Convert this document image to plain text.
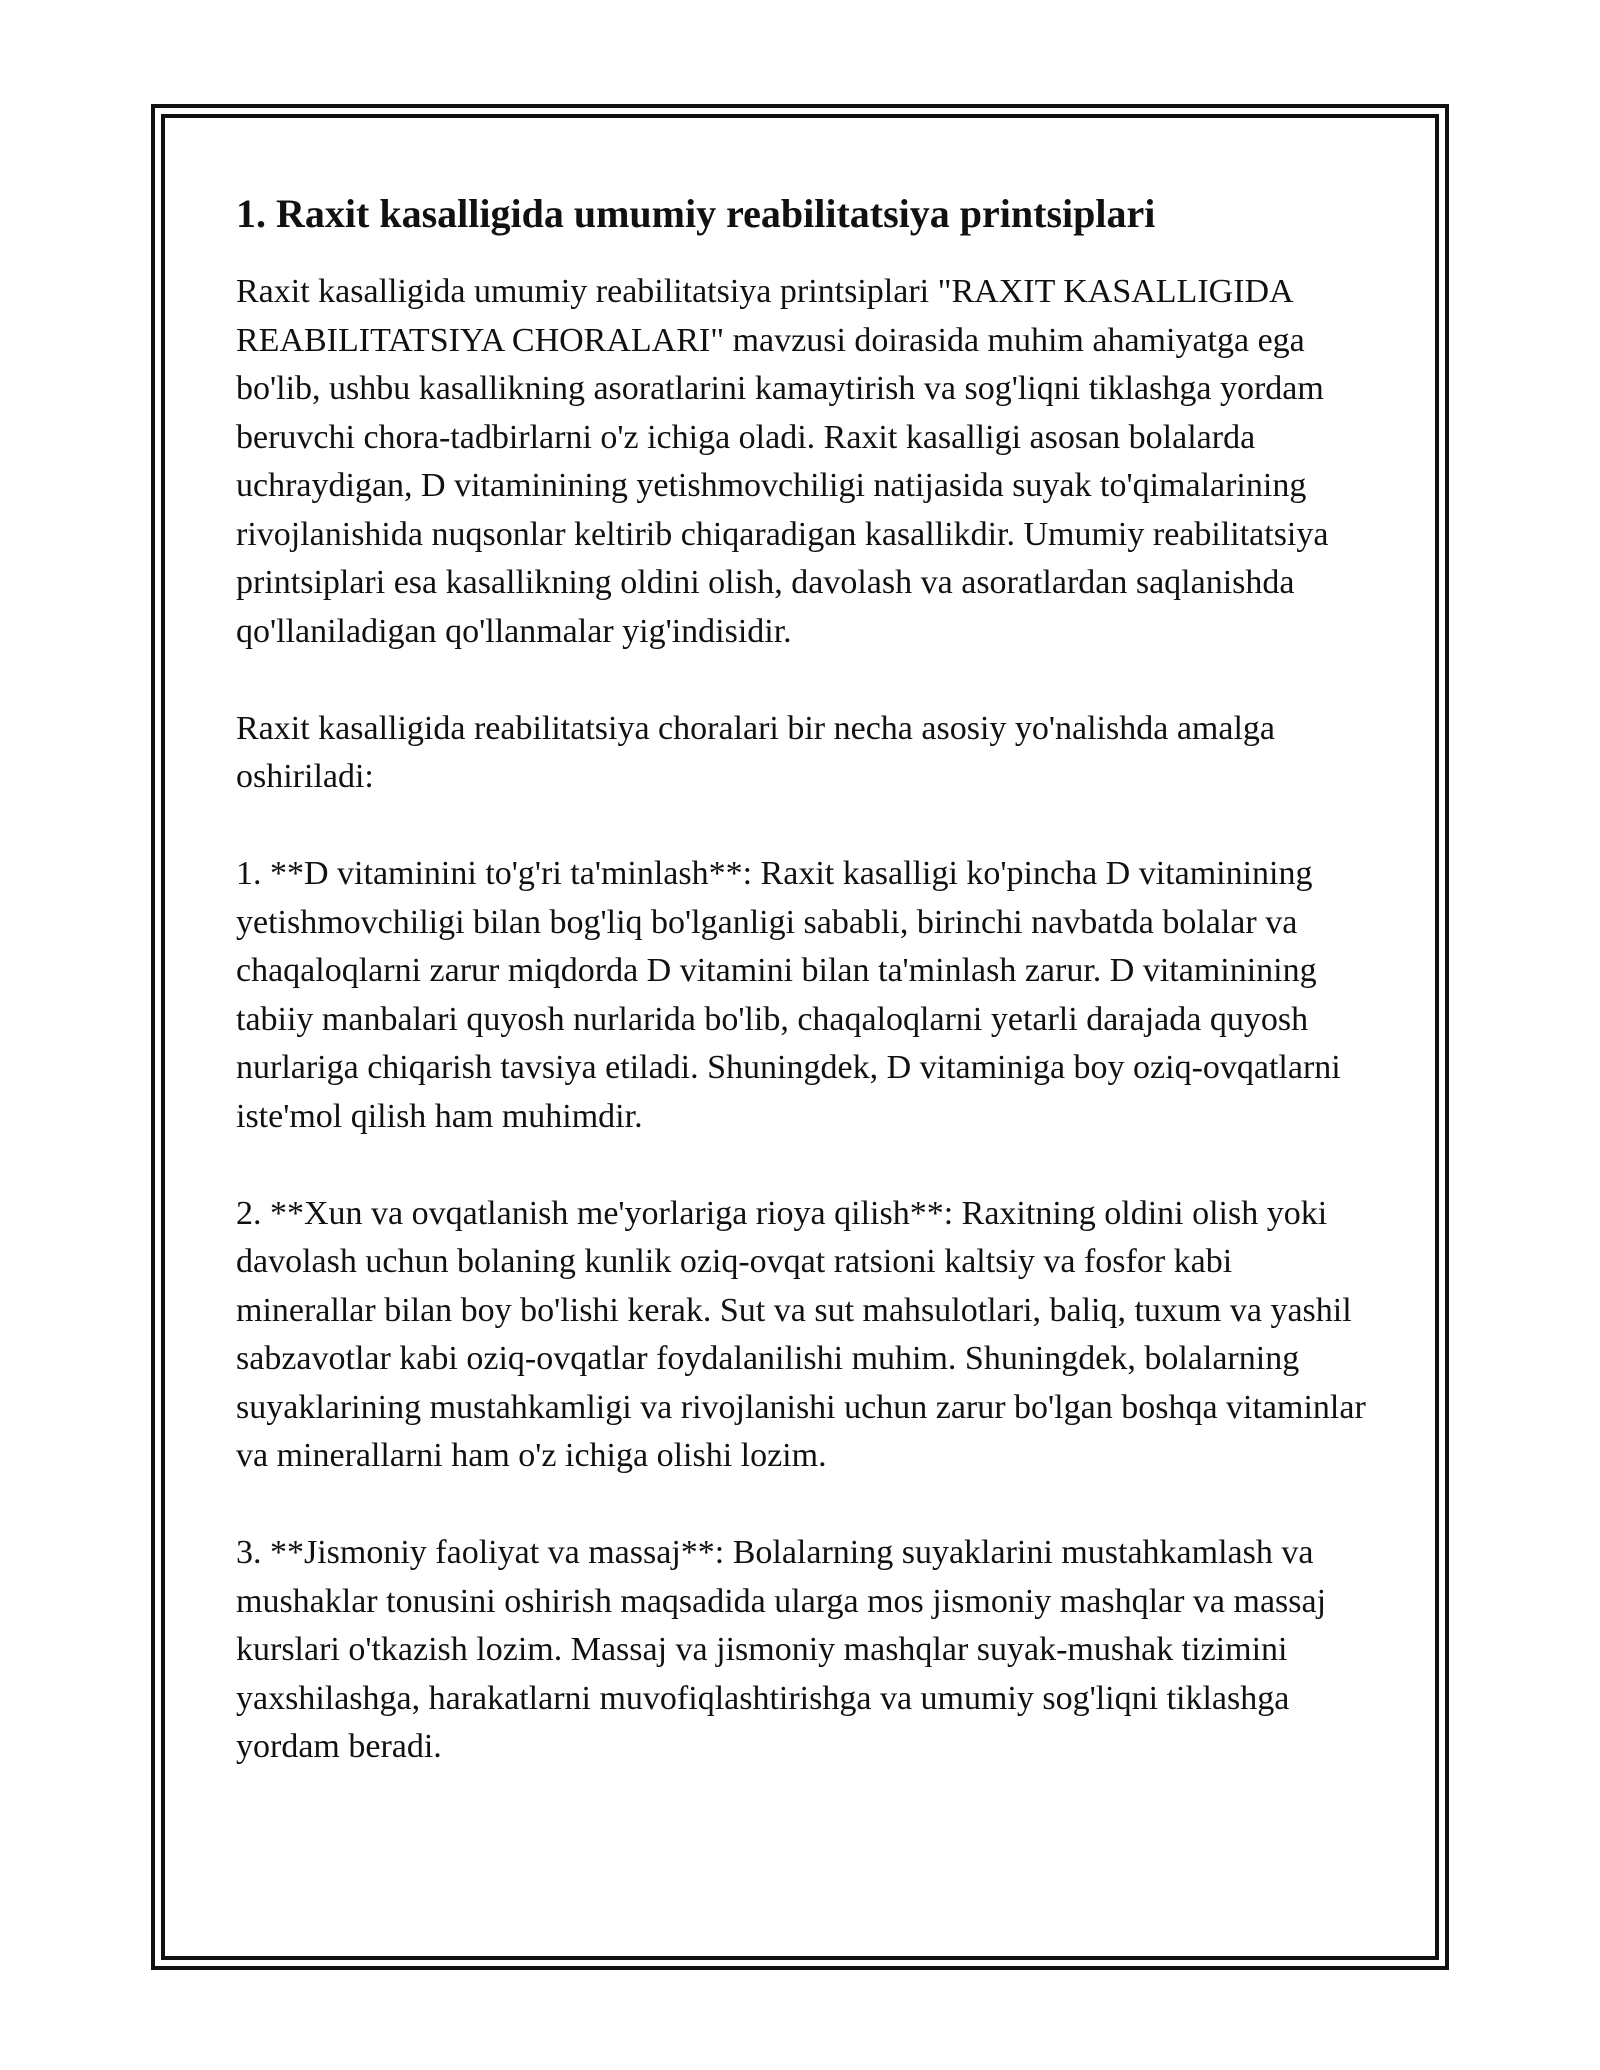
1. Raxit kasalligida umumiy reabilitatsiya printsiplari

Raxit kasalligida umumiy reabilitatsiya printsiplari "RAXIT KASALLIGIDA REABILITATSIYA CHORALARI" mavzusi doirasida muhim ahamiyatga ega bo'lib, ushbu kasallikning asoratlarini kamaytirish va sog'liqni tiklashga yordam beruvchi chora-tadbirlarni o'z ichiga oladi. Raxit kasalligi asosan bolalarda uchraydigan, D vitaminining yetishmovchiligi natijasida suyak to'qimalarining rivojlanishida nuqsonlar keltirib chiqaradigan kasallikdir. Umumiy reabilitatsiya printsiplari esa kasallikning oldini olish, davolash va asoratlardan saqlanishda qo'llaniladigan qo'llanmalar yig'indisidir.

Raxit kasalligida reabilitatsiya choralari bir necha asosiy yo'nalishda amalga oshiriladi:

1. **D vitaminini to'g'ri ta'minlash**: Raxit kasalligi ko'pincha D vitaminining yetishmovchiligi bilan bog'liq bo'lganligi sababli, birinchi navbatda bolalar va chaqaloqlarni zarur miqdorda D vitamini bilan ta'minlash zarur. D vitaminining tabiiy manbalari quyosh nurlarida bo'lib, chaqaloqlarni yetarli darajada quyosh nurlariga chiqarish tavsiya etiladi. Shuningdek, D vitaminiga boy oziq-ovqatlarni iste'mol qilish ham muhimdir.

2. **Xun va ovqatlanish me'yorlariga rioya qilish**: Raxitning oldini olish yoki davolash uchun bolaning kunlik oziq-ovqat ratsioni kaltsiy va fosfor kabi minerallar bilan boy bo'lishi kerak. Sut va sut mahsulotlari, baliq, tuxum va yashil sabzavotlar kabi oziq-ovqatlar foydalanilishi muhim. Shuningdek, bolalarning suyaklarining mustahkamligi va rivojlanishi uchun zarur bo'lgan boshqa vitaminlar va minerallarni ham o'z ichiga olishi lozim.

3. **Jismoniy faoliyat va massaj**: Bolalarning suyaklarini mustahkamlash va mushaklar tonusini oshirish maqsadida ularga mos jismoniy mashqlar va massaj kurslari o'tkazish lozim. Massaj va jismoniy mashqlar suyak-mushak tizimini yaxshilashga, harakatlarni muvofiqlashtirishga va umumiy sog'liqni tiklashga yordam beradi.
